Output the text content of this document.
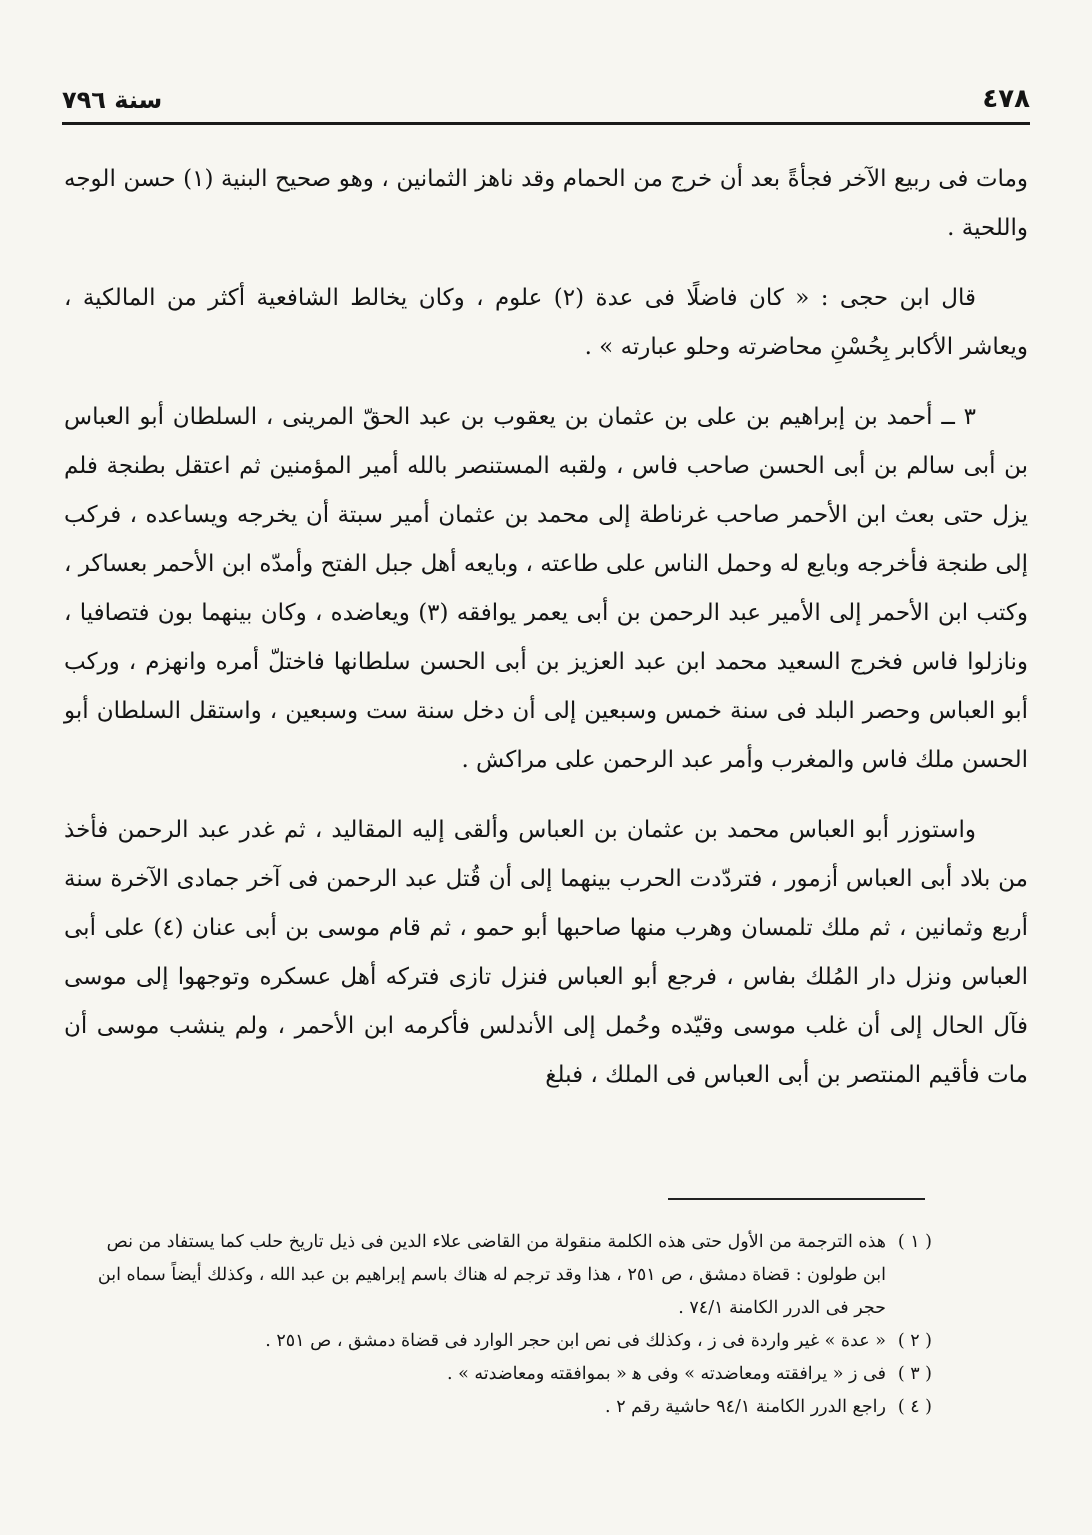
٤٧٨
سنة ٧٩٦

ومات فى ربيع الآخر فجأةً بعد أن خرج من الحمام وقد ناهز الثمانين ، وهو صحيح البنية (١) حسن الوجه واللحية .

قال ابن حجى : « كان فاضلًا فى عدة (٢) علوم ، وكان يخالط الشافعية أكثر من المالكية ، ويعاشر الأكابر بِحُسْنِ محاضرته وحلو عبارته » .

٣ ــ أحمد بن إبراهيم بن على بن عثمان بن يعقوب بن عبد الحقّ المرينى ، السلطان أبو العباس بن أبى سالم بن أبى الحسن صاحب فاس ، ولقبه المستنصر بالله أمير المؤمنين ثم اعتقل بطنجة فلم يزل حتى بعث ابن الأحمر صاحب غرناطة إلى محمد بن عثمان أمير سبتة أن يخرجه ويساعده ، فركب إلى طنجة فأخرجه وبايع له وحمل الناس على طاعته ، وبايعه أهل جبل الفتح وأمدّه ابن الأحمر بعساكر ، وكتب ابن الأحمر إلى الأمير عبد الرحمن بن أبى يعمر يوافقه (٣) ويعاضده ، وكان بينهما بون فتصافيا ، ونازلوا فاس فخرج السعيد محمد ابن عبد العزيز بن أبى الحسن سلطانها فاختلّ أمره وانهزم ، وركب أبو العباس وحصر البلد فى سنة خمس وسبعين إلى أن دخل سنة ست وسبعين ، واستقل السلطان أبو الحسن ملك فاس والمغرب وأمر عبد الرحمن على مراكش .

واستوزر أبو العباس محمد بن عثمان بن العباس وألقى إليه المقاليد ، ثم غدر عبد الرحمن فأخذ من بلاد أبى العباس أزمور ، فتردّدت الحرب بينهما إلى أن قُتل عبد الرحمن فى آخر جمادى الآخرة سنة أربع وثمانين ، ثم ملك تلمسان وهرب منها صاحبها أبو حمو ، ثم قام موسى بن أبى عنان (٤) على أبى العباس ونزل دار المُلك بفاس ، فرجع أبو العباس فنزل تازى فتركه أهل عسكره وتوجهوا إلى موسى فآل الحال إلى أن غلب موسى وقيّده وحُمل إلى الأندلس فأكرمه ابن الأحمر ، ولم ينشب موسى أن مات فأقيم المنتصر بن أبى العباس فى الملك ، فبلغ

( ١ )
هذه الترجمة من الأول حتى هذه الكلمة منقولة من القاضى علاء الدين فى ذيل تاريخ حلب كما يستفاد من نص ابن طولون : قضاة دمشق ، ص ٢٥١ ، هذا وقد ترجم له هناك باسم إبراهيم بن عبد الله ، وكذلك أيضاً سماه ابن حجر فى الدرر الكامنة ٧٤/١ .
( ٢ )
« عدة » غير واردة فى ز ، وكذلك فى نص ابن حجر الوارد فى قضاة دمشق ، ص ٢٥١ .
( ٣ )
فى ز « يرافقته ومعاضدته » وفى ﻫ « بموافقته ومعاضدته » .
( ٤ )
راجع الدرر الكامنة ٩٤/١ حاشية رقم ٢ .
